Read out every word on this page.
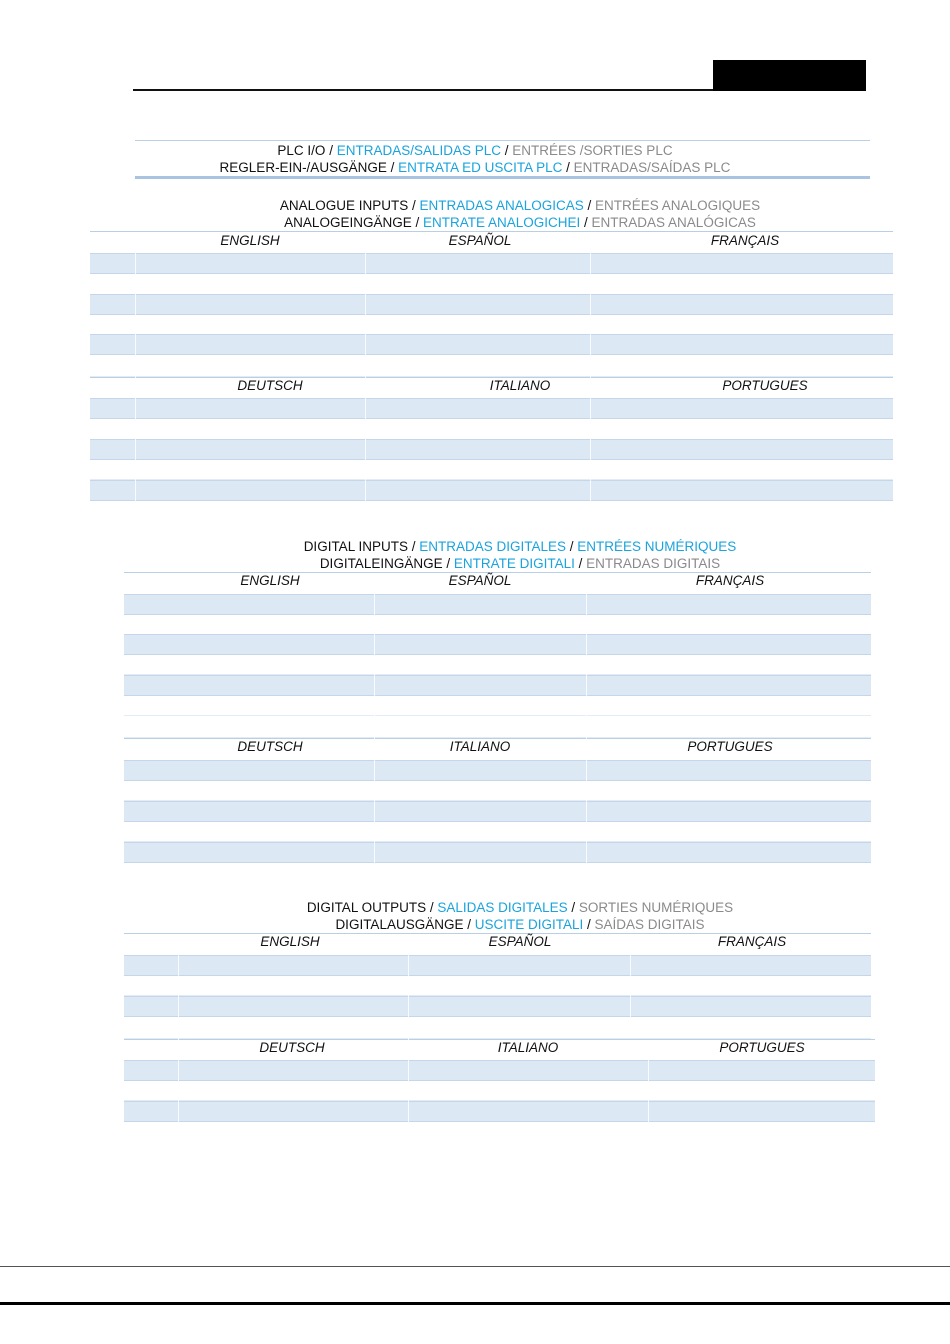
PLC I/O / ENTRADAS/SALIDAS PLC / ENTRÉES /SORTIES PLC
REGLER-EIN-/AUSGÄNGE / ENTRATA ED USCITA PLC / ENTRADAS/SAÍDAS PLC
ANALOGUE INPUTS / ENTRADAS ANALOGICAS / ENTRÉES ANALOGIQUES
ANALOGEINGÄNGE / ENTRATE ANALOGICHEI / ENTRADAS ANALÓGICAS
ENGLISH	ESPAÑOL	FRANÇAIS
DEUTSCH	ITALIANO	PORTUGUES
DIGITAL INPUTS / ENTRADAS DIGITALES / ENTRÉES NUMÉRIQUES
DIGITALEINGÄNGE / ENTRATE DIGITALI / ENTRADAS DIGITAIS
ENGLISH	ESPAÑOL	FRANÇAIS
DEUTSCH	ITALIANO	PORTUGUES
DIGITAL OUTPUTS / SALIDAS DIGITALES / SORTIES NUMÉRIQUES
DIGITALAUSGÄNGE / USCITE DIGITALI / SAÍDAS DIGITAIS
ENGLISH	ESPAÑOL	FRANÇAIS
DEUTSCH	ITALIANO	PORTUGUES
